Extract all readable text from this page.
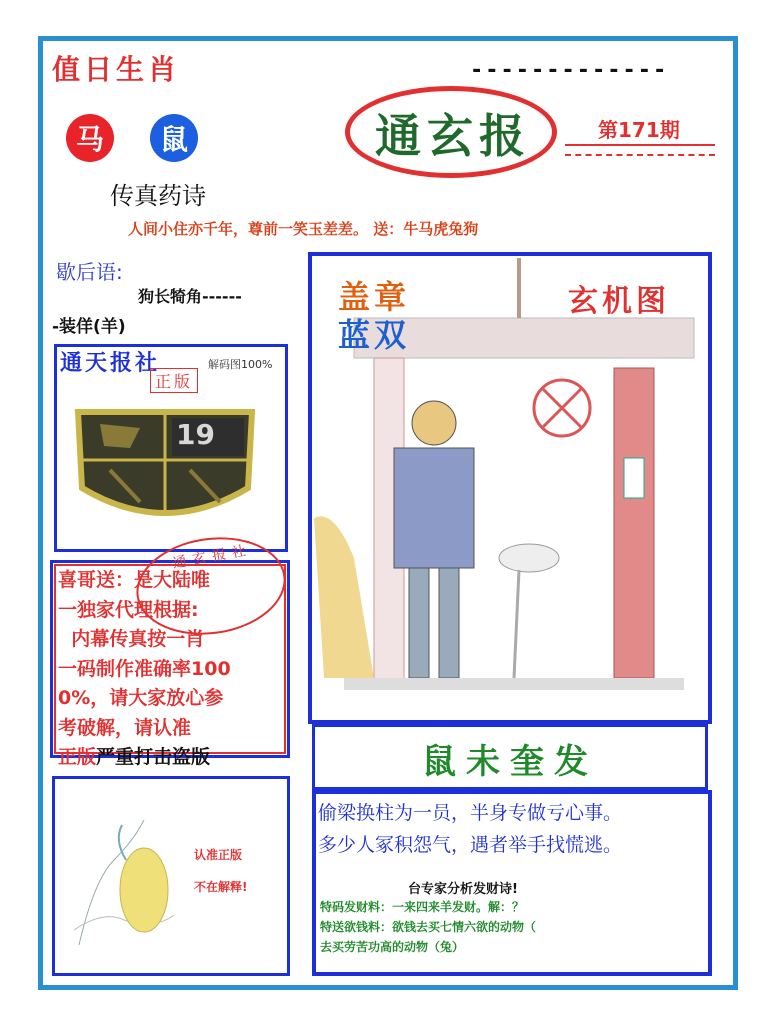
值日生肖	-------------
马	鼠	通玄报	第171期
传真药诗
人间小住亦千年，尊前一笑玉差差。 送：牛马虎兔狗
歇后语:
狗长犄角------
-装佯(羊)
通天报社	解码图100%
正版
19
喜哥送：是大陆唯
一独家代理根据:
内幕传真按一肖
一码制作准确率100
0%，请大家放心参
考破解，请认准
正版严重打击盗版
通玄报社
认准正版
不在解释!
盖章
蓝双
玄机图
鼠未奎发
偷梁换柱为一员，半身专做亏心事。
多少人冢积怨气，遇者举手找慌逃。
台专家分析发财诗!
特码发财料：一来四来羊发财。解：？
特送欲钱料：欲钱去买七情六欲的动物（
去买劳苦功高的动物（兔）
